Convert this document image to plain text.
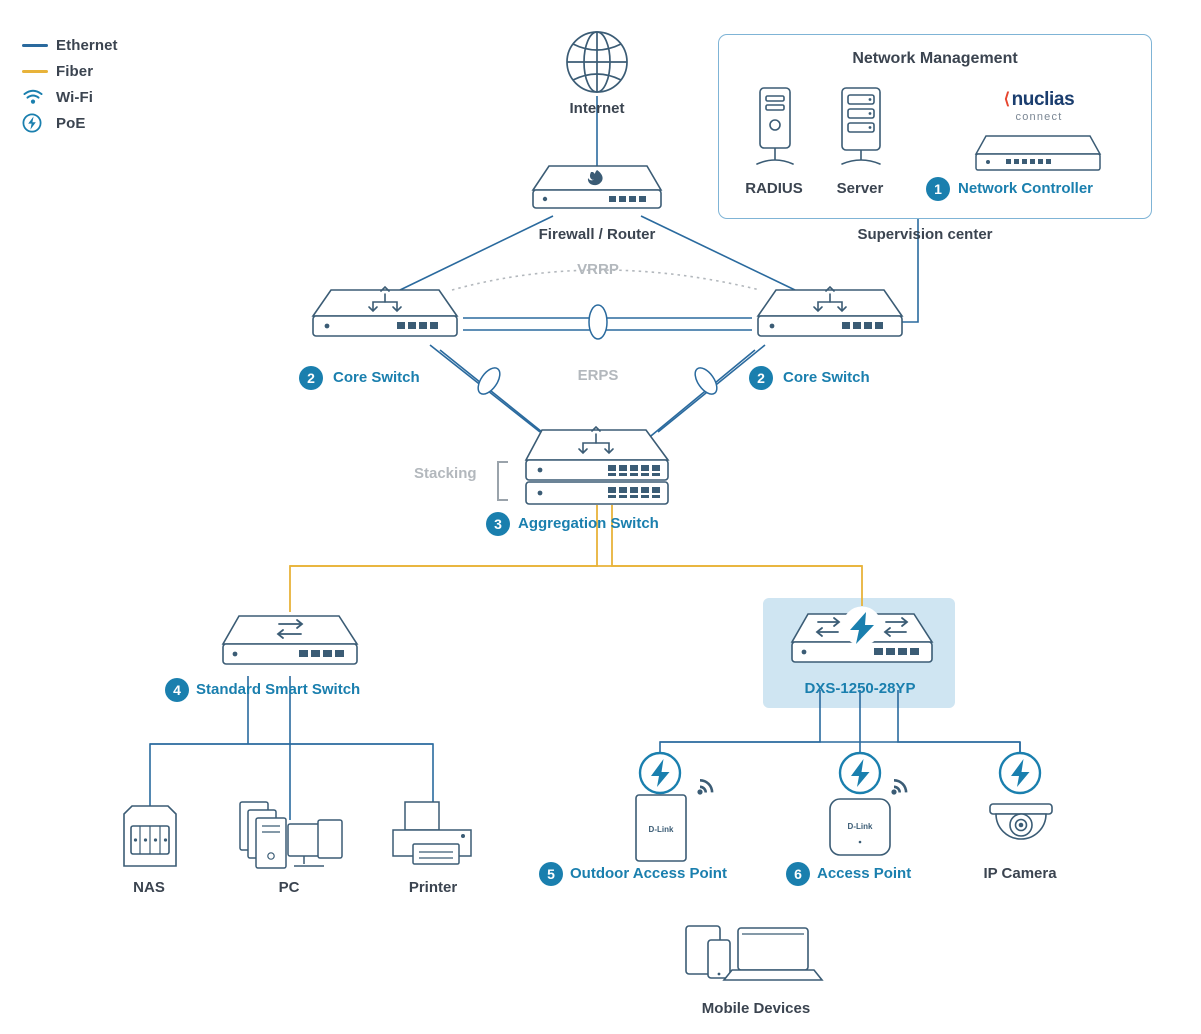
Ethernet
Fiber
Wi-Fi
PoE
Network Management
RADIUS Server
⟨ nuclias
connect
1	Network Controller
Supervision center
Internet
Firewall / Router
2	Core Switch	2	Core Switch
VRRP
ERPS
Stacking
3	Aggregation Switch
4	Standard Smart Switch	DXS-1250-28YP
NAS	PC	Printer
D-Link
5	Outdoor Access Point
D-Link
6	Access Point	IP Camera
Mobile Devices
